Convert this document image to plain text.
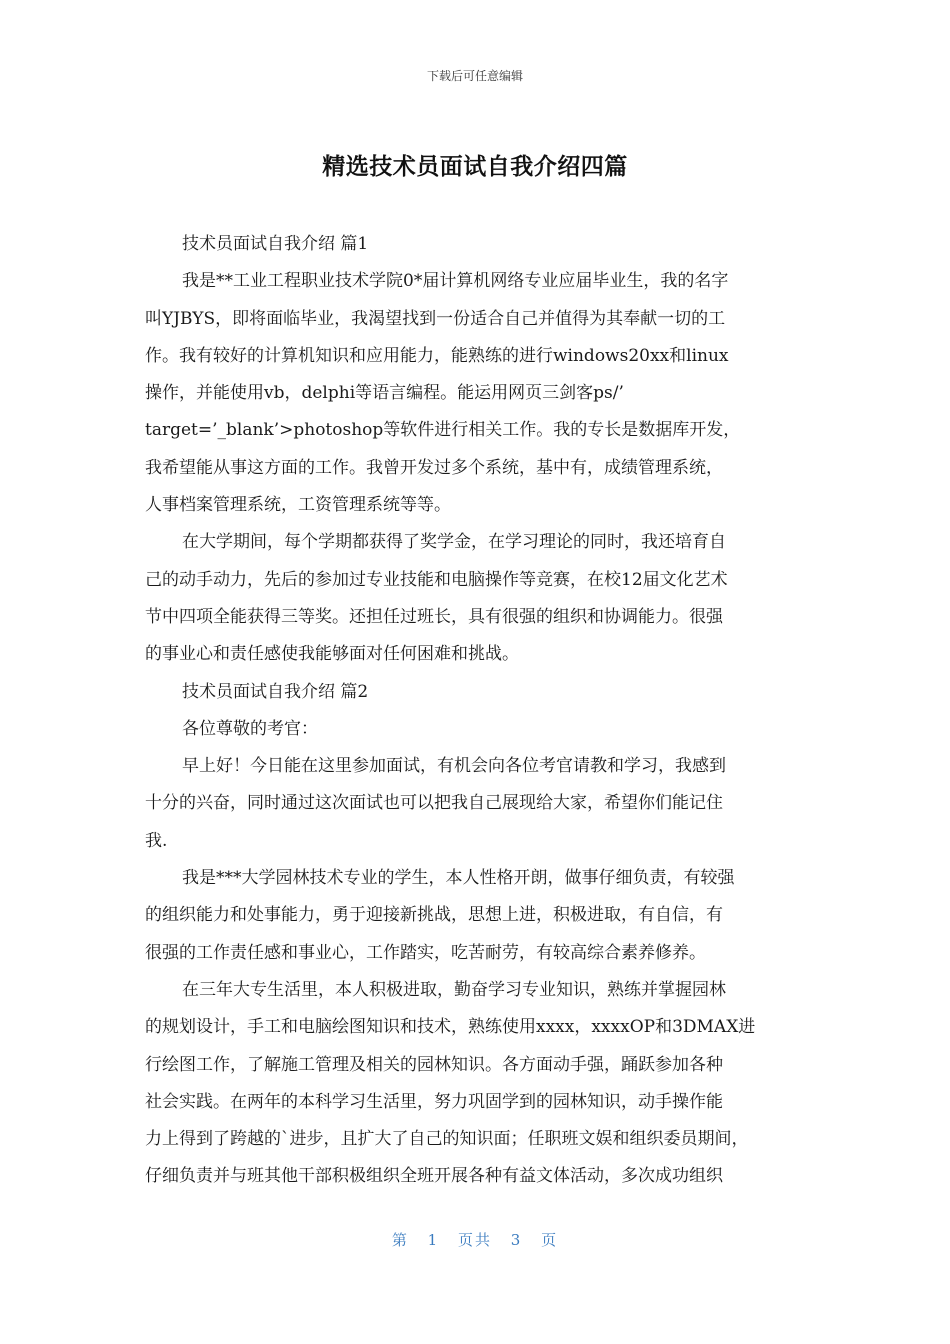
下载后可任意编辑
精选技术员面试自我介绍四篇
技术员面试自我介绍 篇1
我是**工业工程职业技术学院0*届计算机网络专业应届毕业生，我的名字
叫YJBYS，即将面临毕业，我渴望找到一份适合自己并值得为其奉献一切的工
作。我有较好的计算机知识和应用能力，能熟练的进行windows20xx和linux
操作，并能使用vb，delphi等语言编程。能运用网页三剑客ps/’
target=’_blank’>photoshop等软件进行相关工作。我的专长是数据库开发，
我希望能从事这方面的工作。我曾开发过多个系统，基中有，成绩管理系统，
人事档案管理系统，工资管理系统等等。
在大学期间，每个学期都获得了奖学金，在学习理论的同时，我还培育自
己的动手动力，先后的参加过专业技能和电脑操作等竞赛，在校12届文化艺术
节中四项全能获得三等奖。还担任过班长，具有很强的组织和协调能力。很强
的事业心和责任感使我能够面对任何困难和挑战。
技术员面试自我介绍 篇2
各位尊敬的考官：
早上好！今日能在这里参加面试，有机会向各位考官请教和学习，我感到
十分的兴奋，同时通过这次面试也可以把我自己展现给大家，希望你们能记住
我.
我是***大学园林技术专业的学生，本人性格开朗，做事仔细负责，有较强
的组织能力和处事能力，勇于迎接新挑战，思想上进，积极进取，有自信，有
很强的工作责任感和事业心，工作踏实，吃苦耐劳，有较高综合素养修养。
在三年大专生活里，本人积极进取，勤奋学习专业知识，熟练并掌握园林
的规划设计，手工和电脑绘图知识和技术，熟练使用xxxx，xxxxOP和3DMAX进
行绘图工作，了解施工管理及相关的园林知识。各方面动手强，踊跃参加各种
社会实践。在两年的本科学习生活里，努力巩固学到的园林知识，动手操作能
力上得到了跨越的`进步，且扩大了自己的知识面；任职班文娱和组织委员期间，
仔细负责并与班其他干部积极组织全班开展各种有益文体活动，多次成功组织
第 1 页共 3 页
